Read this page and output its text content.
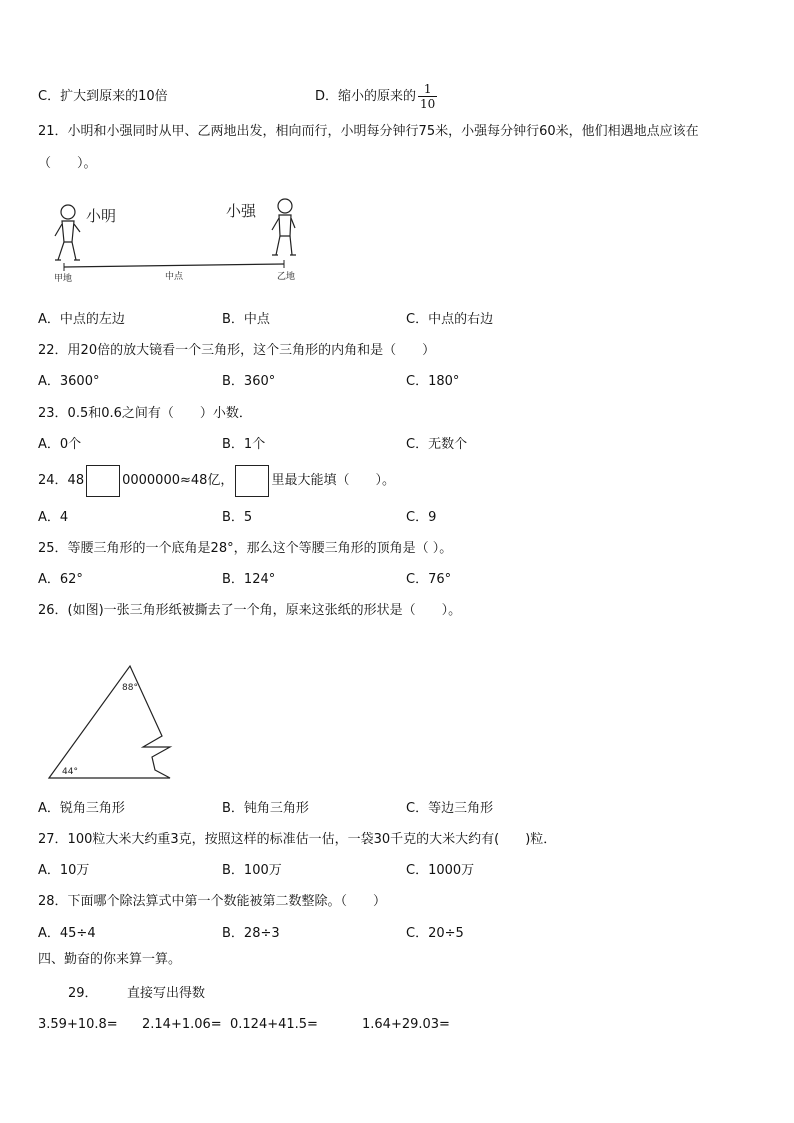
C．扩大到原来的10倍	D．缩小的原来的 $\frac{1}{10}$
21．小明和小强同时从甲、乙两地出发，相向而行，小明每分钟行75米，小强每分钟行60米，他们相遇地点应该在
（　　）。
小明	小强
甲地	中点	乙地
A．中点的左边	B．中点	C．中点的右边
22．用20倍的放大镜看一个三角形，这个三角形的内角和是（　　）
A．3600°	B．360°	C．180°
23．0.5和0.6之间有（　　）小数．
A．0个	B．1个	C．无数个
24．48	0000000≈48亿，	里最大能填（　　）。
A．4	B．5	C．9
25．等腰三角形的一个底角是28°，那么这个等腰三角形的顶角是（ ）。
A．62°	B．124°	C．76°
26．(如图)一张三角形纸被撕去了一个角，原来这张纸的形状是（　　）。
88°
44°
A．锐角三角形	B．钝角三角形	C．等边三角形
27．100粒大米大约重3克，按照这样的标准估一估，一袋30千克的大米大约有(　　)粒．
A．10万	B．100万	C．1000万
28．下面哪个除法算式中第一个数能被第二数整除。（　　）
A．45÷4	B．28÷3	C．20÷5
四、勤奋的你来算一算。
29． 直接写出得数
3.59+10.8= 2.14+1.06= 0.124+41.5=	1.64+29.03=
